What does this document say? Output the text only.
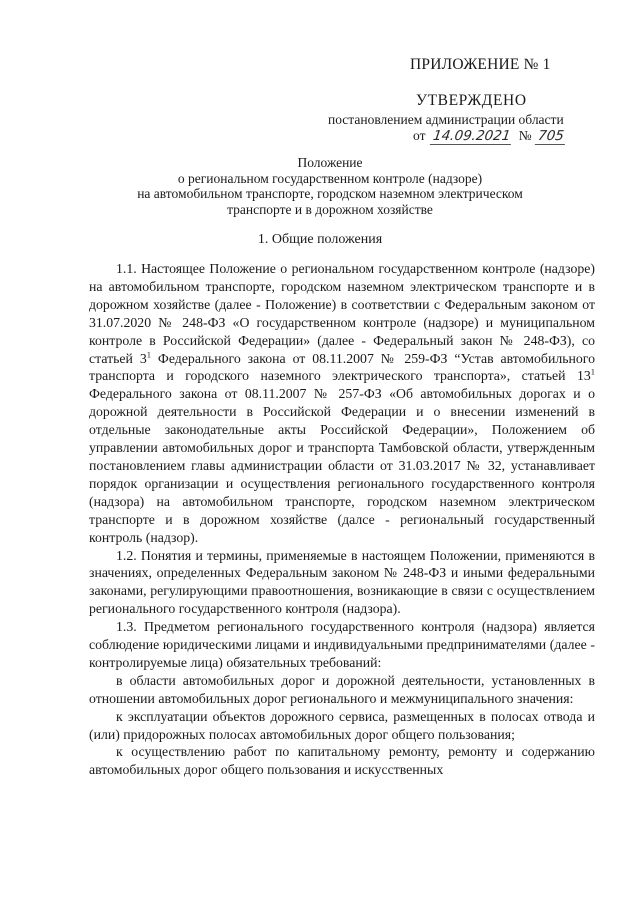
ПРИЛОЖЕНИЕ № 1
УТВЕРЖДЕНО
постановлением администрации области
от 14.09.2021 № 705
Положение
о региональном государственном контроле (надзоре)
на автомобильном транспорте, городском наземном электрическом
транспорте и в дорожном хозяйстве
1. Общие положения

1.1. Настоящее Положение о региональном государственном контроле (надзоре) на автомобильном транспорте, городском наземном электрическом транспорте и в дорожном хозяйстве (далее - Положение) в соответствии с Федеральным законом от 31.07.2020 № 248-ФЗ «О государственном контроле (надзоре) и муниципальном контроле в Российской Федерации» (далее - Федеральный закон № 248-ФЗ), со статьей $3^1$ Федерального закона от 08.11.2007 № 259-ФЗ “Устав автомобильного транспорта и городского наземного электрического транспорта», статьей $13^1$ Федерального закона от 08.11.2007 № 257-ФЗ «Об автомобильных дорогах и о дорожной деятельности в Российской Федерации и о внесении изменений в отдельные законодательные акты Российской Федерации», Положением об управлении автомобильных дорог и транспорта Тамбовской области, утвержденным постановлением главы администрации области от 31.03.2017 № 32, устанавливает порядок организации и осуществления регионального государственного контроля (надзора) на автомобильном транспорте, городском наземном электрическом транспорте и в дорожном хозяйстве (далсе - региональный государственный контроль (надзор).

1.2. Понятия и термины, применяемые в настоящем Положении, применяются в значениях, определенных Федеральным законом № 248-ФЗ и иными федеральными законами, регулирующими правоотношения, возникающие в связи с осуществлением регионального государственного контроля (надзора).

1.3. Предметом регионального государственного контроля (надзора) является соблюдение юридическими лицами и индивидуальными предпринимателями (далее - контролируемые лица) обязательных требований:

в области автомобильных дорог и дорожной деятельности, установленных в отношении автомобильных дорог регионального и межмуниципального значения:

к эксплуатации объектов дорожного сервиса, размещенных в полосах отвода и (или) придорожных полосах автомобильных дорог общего пользования;

к осуществлению работ по капитальному ремонту, ремонту и содержанию автомобильных дорог общего пользования и искусственных
